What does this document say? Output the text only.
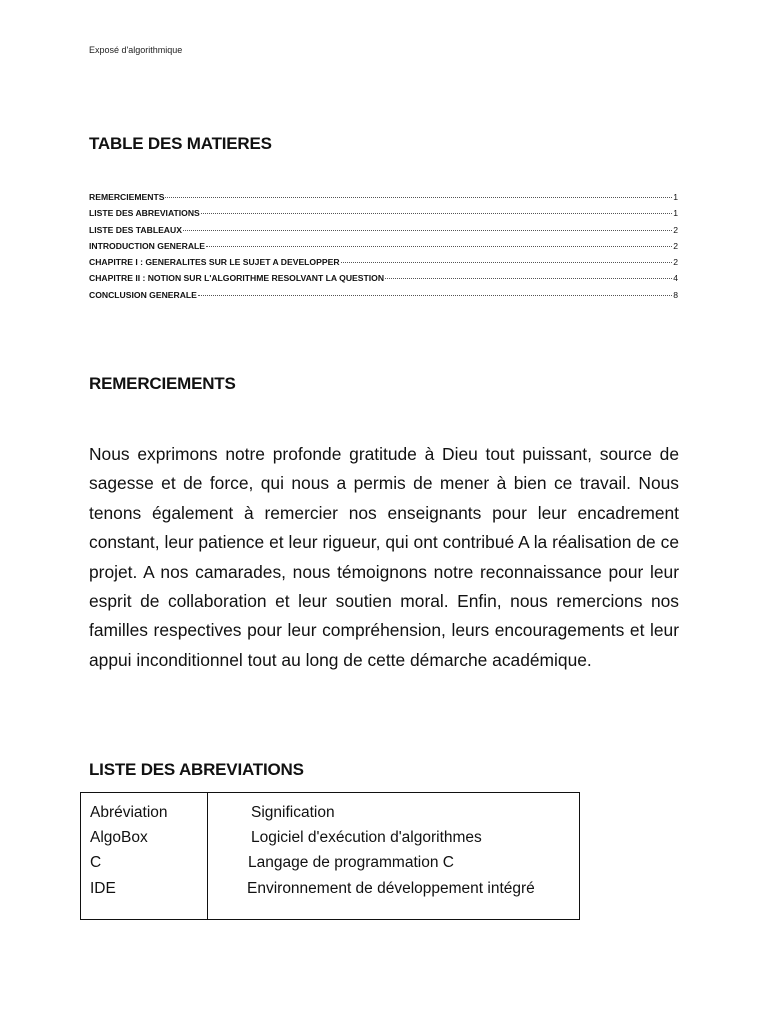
Exposé d'algorithmique
TABLE DES MATIERES
REMERCIEMENTS	1
LISTE DES ABREVIATIONS	1
LISTE DES TABLEAUX	2
INTRODUCTION GENERALE	2
CHAPITRE I : GENERALITES SUR LE SUJET A DEVELOPPER	2
CHAPITRE II : NOTION SUR L'ALGORITHME RESOLVANT LA QUESTION	4
CONCLUSION GENERALE	8
REMERCIEMENTS

Nous exprimons notre profonde gratitude à Dieu tout puissant, source de sagesse et de force, qui nous a permis de mener à bien ce travail. Nous tenons également à remercier nos enseignants pour leur encadrement constant, leur patience et leur rigueur, qui ont contribué A la réalisation de ce projet. A nos camarades, nous témoignons notre reconnaissance pour leur esprit de collaboration et leur soutien moral. Enfin, nous remercions nos familles respectives pour leur compréhension, leurs encouragements et leur appui inconditionnel tout au long de cette démarche académique.

LISTE DES ABREVIATIONS
Abréviation	Signification
AlgoBox	Logiciel d'exécution d'algorithmes
C	Langage de programmation C
IDE	Environnement de développement intégré
